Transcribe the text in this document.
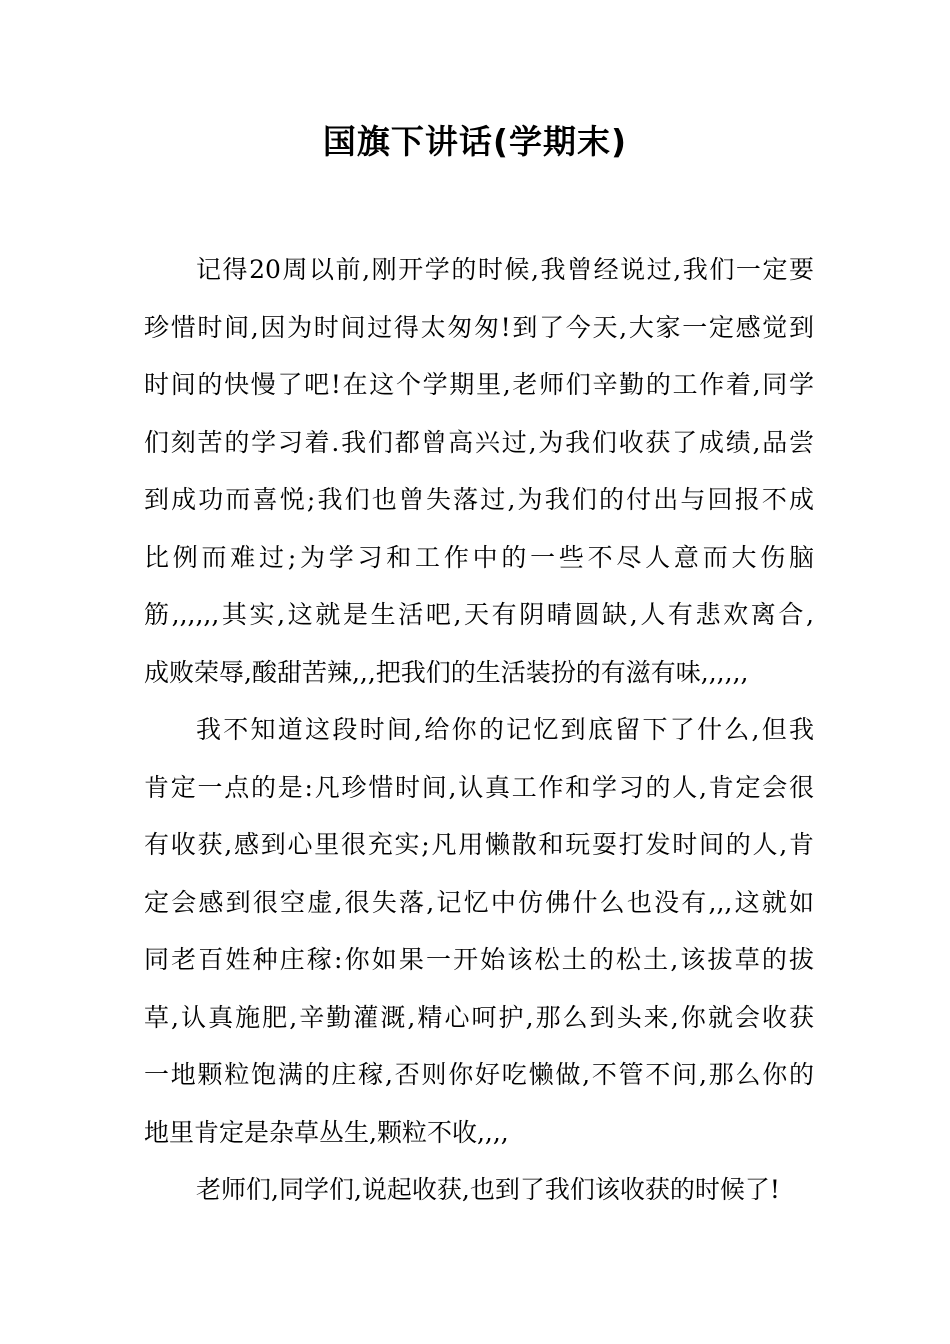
国旗下讲话(学期末)
记得20周以前,刚开学的时候,我曾经说过,我们一定要
珍惜时间,因为时间过得太匆匆!到了今天,大家一定感觉到
时间的快慢了吧!在这个学期里,老师们辛勤的工作着,同学
们刻苦的学习着.我们都曾高兴过,为我们收获了成绩,品尝
到成功而喜悦;我们也曾失落过,为我们的付出与回报不成
比例而难过;为学习和工作中的一些不尽人意而大伤脑
筋,,,,,,其实,这就是生活吧,天有阴晴圆缺,人有悲欢离合,
成败荣辱,酸甜苦辣,,,把我们的生活装扮的有滋有味,,,,,,
我不知道这段时间,给你的记忆到底留下了什么,但我
肯定一点的是:凡珍惜时间,认真工作和学习的人,肯定会很
有收获,感到心里很充实;凡用懒散和玩耍打发时间的人,肯
定会感到很空虚,很失落,记忆中仿佛什么也没有,,,这就如
同老百姓种庄稼:你如果一开始该松土的松土,该拔草的拔
草,认真施肥,辛勤灌溉,精心呵护,那么到头来,你就会收获
一地颗粒饱满的庄稼,否则你好吃懒做,不管不问,那么你的
地里肯定是杂草丛生,颗粒不收,,,,
老师们,同学们,说起收获,也到了我们该收获的时候了!
